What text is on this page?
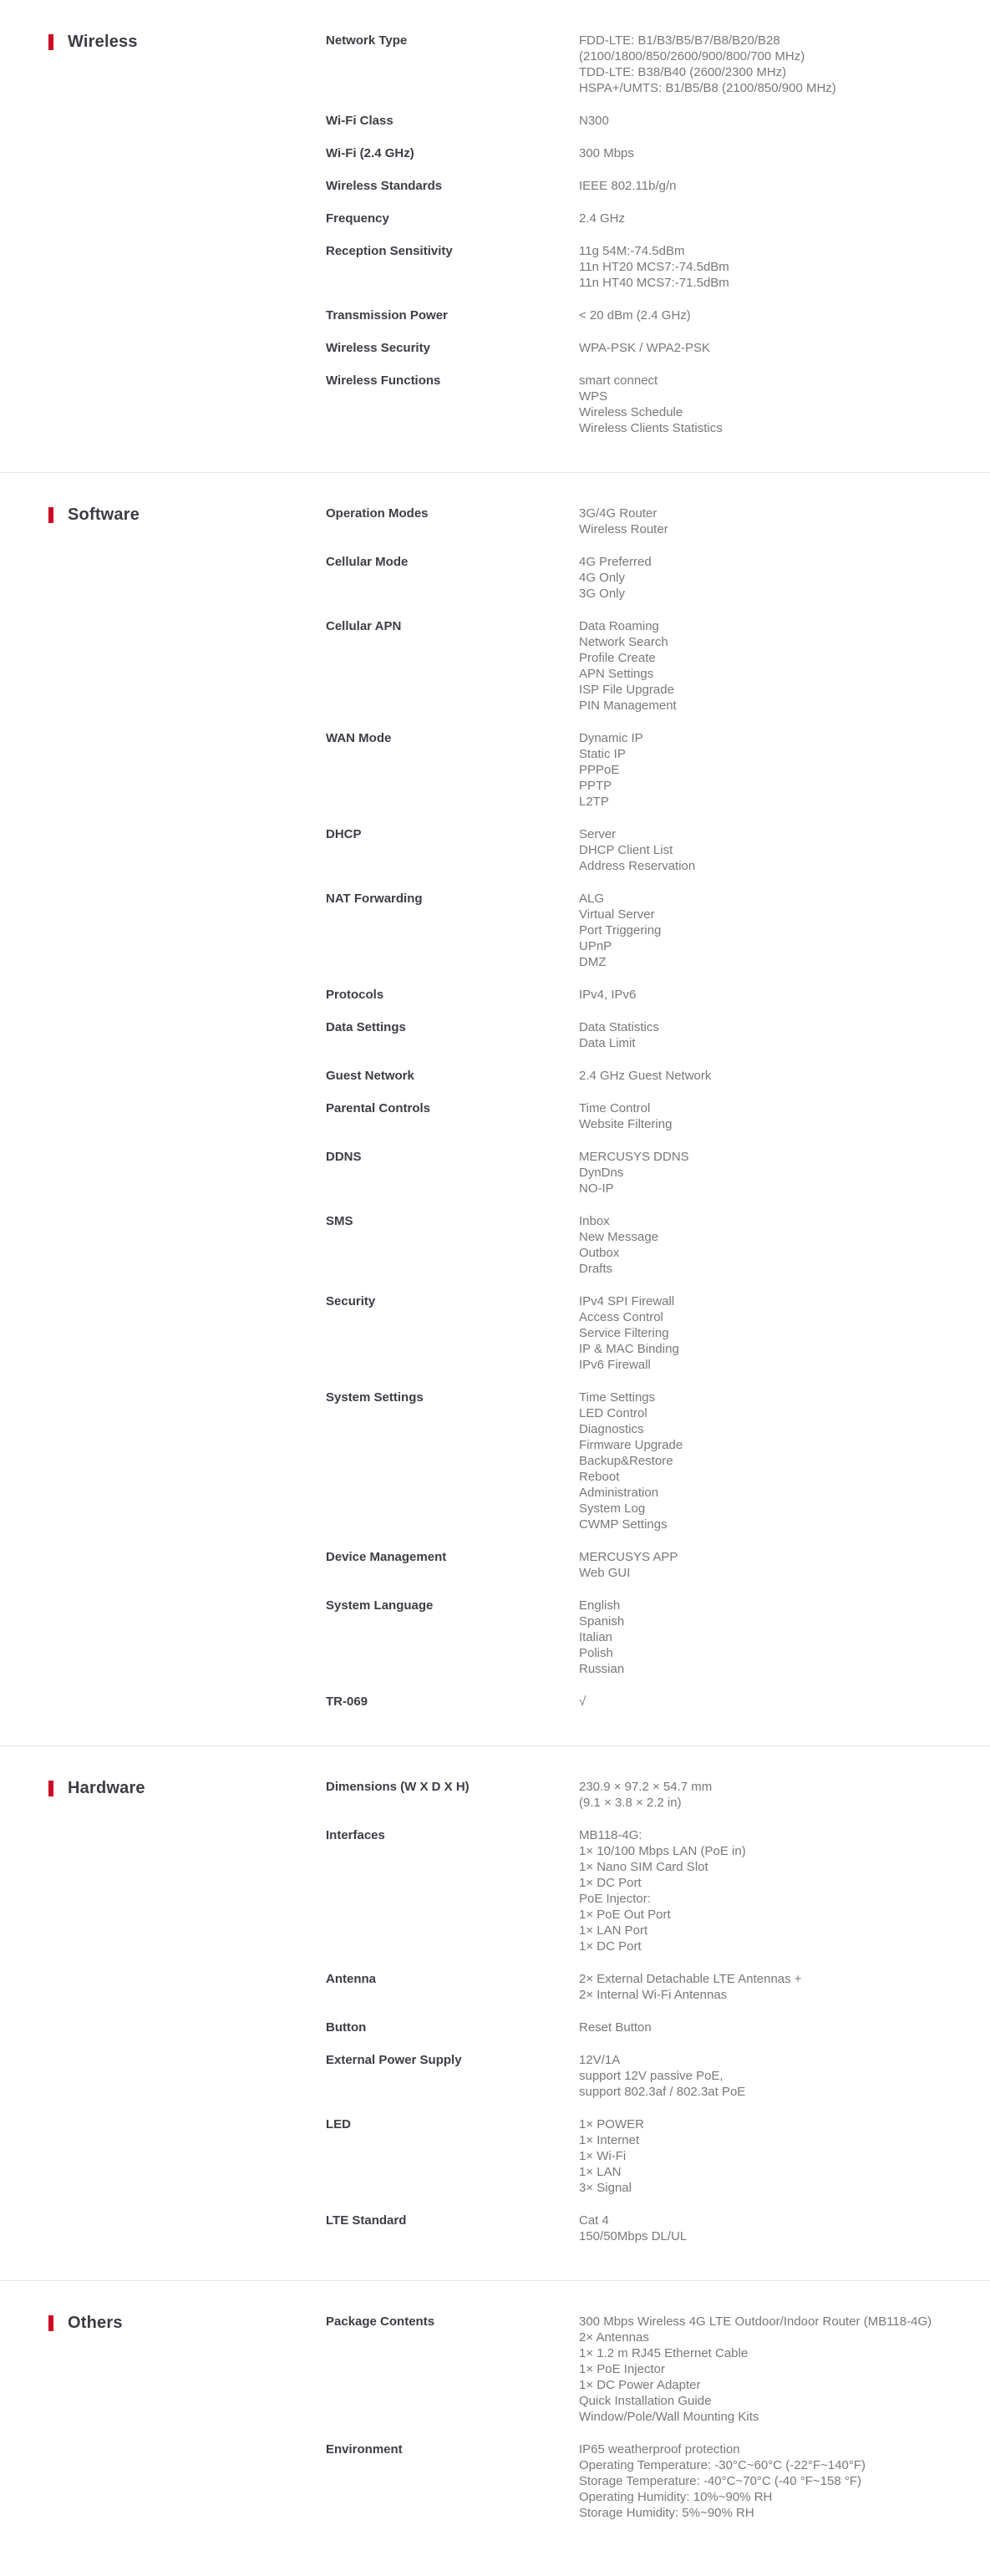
Wireless	Network Type	FDD-LTE: B1/B3/B5/B7/B8/B20/B28
(2100/1800/850/2600/900/800/700 MHz)
TDD-LTE: B38/B40 (2600/2300 MHz)
HSPA+/UMTS: B1/B5/B8 (2100/850/900 MHz)
Wi-Fi Class	N300
Wi-Fi (2.4 GHz)	300 Mbps
Wireless Standards	IEEE 802.11b/g/n
Frequency	2.4 GHz
Reception Sensitivity	11g 54M:-74.5dBm
11n HT20 MCS7:-74.5dBm
11n HT40 MCS7:-71.5dBm
Transmission Power	< 20 dBm (2.4 GHz)
Wireless Security	WPA-PSK / WPA2-PSK
Wireless Functions	smart connect
WPS
Wireless Schedule
Wireless Clients Statistics
Software	Operation Modes	3G/4G Router
Wireless Router
Cellular Mode	4G Preferred
4G Only
3G Only
Cellular APN	Data Roaming
Network Search
Profile Create
APN Settings
ISP File Upgrade
PIN Management
WAN Mode	Dynamic IP
Static IP
PPPoE
PPTP
L2TP
DHCP	Server
DHCP Client List
Address Reservation
NAT Forwarding	ALG
Virtual Server
Port Triggering
UPnP
DMZ
Protocols	IPv4, IPv6
Data Settings	Data Statistics
Data Limit
Guest Network	2.4 GHz Guest Network
Parental Controls	Time Control
Website Filtering
DDNS	MERCUSYS DDNS
DynDns
NO-IP
SMS	Inbox
New Message
Outbox
Drafts
Security	IPv4 SPI Firewall
Access Control
Service Filtering
IP & MAC Binding
IPv6 Firewall
System Settings	Time Settings
LED Control
Diagnostics
Firmware Upgrade
Backup&Restore
Reboot
Administration
System Log
CWMP Settings
Device Management	MERCUSYS APP
Web GUI
System Language	English
Spanish
Italian
Polish
Russian
TR-069	√
Hardware	Dimensions (W X D X H)	230.9 × 97.2 × 54.7 mm
(9.1 × 3.8 × 2.2 in)
Interfaces	MB118-4G:
1× 10/100 Mbps LAN (PoE in)
1× Nano SIM Card Slot
1× DC Port
PoE Injector:
1× PoE Out Port
1× LAN Port
1× DC Port
Antenna	2× External Detachable LTE Antennas +
2× Internal Wi-Fi Antennas
Button	Reset Button
External Power Supply	12V/1A
support 12V passive PoE,
support 802.3af / 802.3at PoE
LED	1× POWER
1× Internet
1× Wi-Fi
1× LAN
3× Signal
LTE Standard	Cat 4
150/50Mbps DL/UL
Others	Package Contents	300 Mbps Wireless 4G LTE Outdoor/Indoor Router (MB118-4G)
2× Antennas
1× 1.2 m RJ45 Ethernet Cable
1× PoE Injector
1× DC Power Adapter
Quick Installation Guide
Window/Pole/Wall Mounting Kits
Environment	IP65 weatherproof protection
Operating Temperature: -30°C~60°C (-22°F~140°F)
Storage Temperature: -40°C~70°C (-40 °F~158 °F)
Operating Humidity: 10%~90% RH
Storage Humidity: 5%~90% RH
